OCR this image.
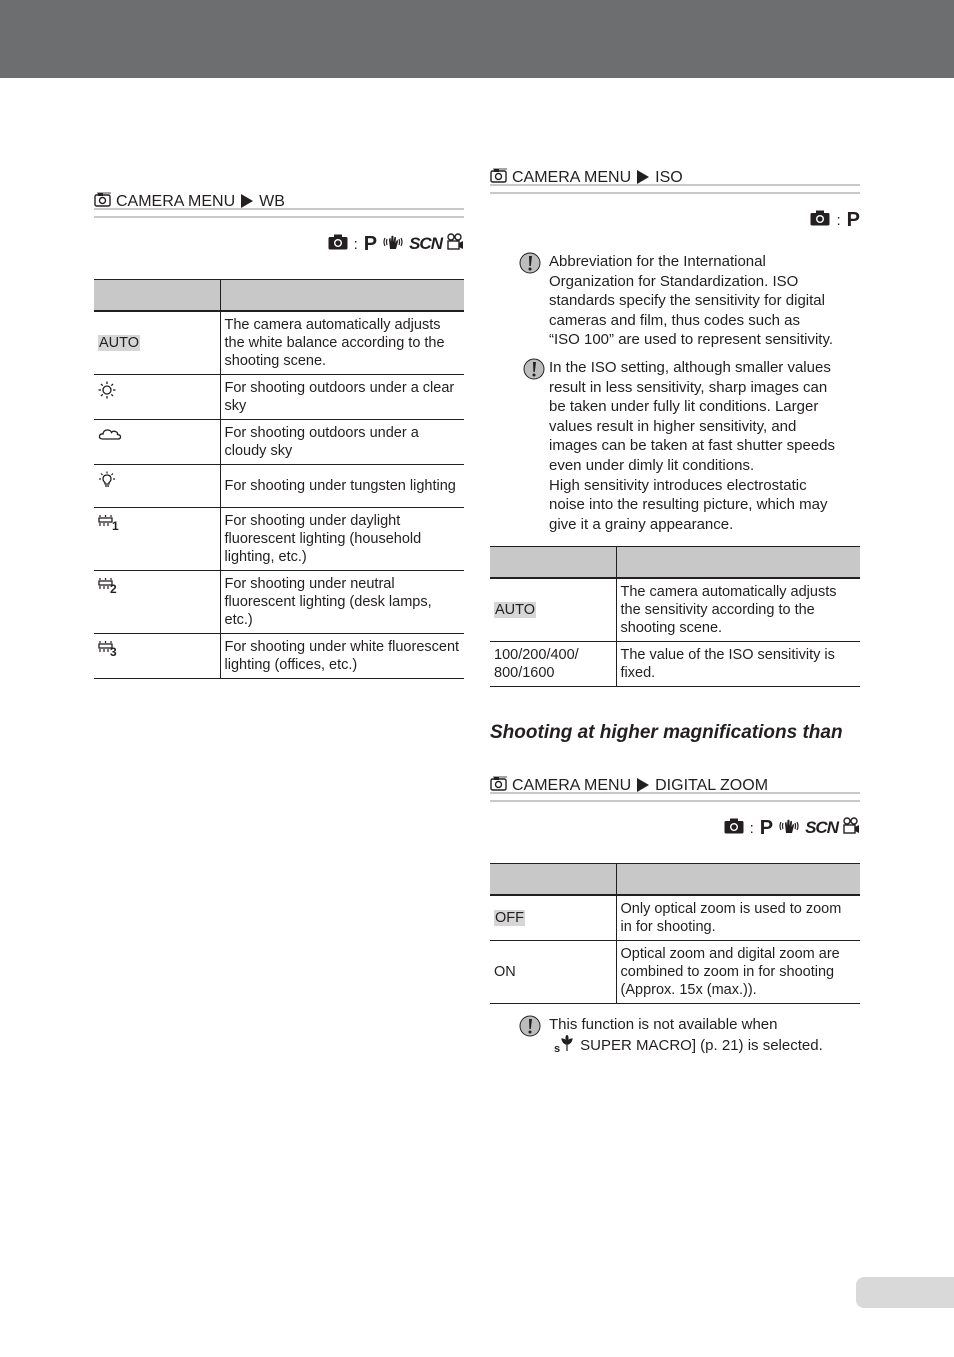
CAMERA MENU WB
: P SCN

AUTO	The camera automatically adjusts the white balance according to the shooting scene.
	For shooting outdoors under a clear sky
	For shooting outdoors under a cloudy sky
	For shooting under tungsten lighting

1	For shooting under daylight fluorescent lighting (household lighting, etc.)

2	For shooting under neutral fluorescent lighting (desk lamps, etc.)

3	For shooting under white fluorescent lighting (offices, etc.)
CAMERA MENU ISO
: P
Abbreviation for the International
Organization for Standardization. ISO
standards specify the sensitivity for digital
cameras and film, thus codes such as
“ISO 100” are used to represent sensitivity.
In the ISO setting, although smaller values
result in less sensitivity, sharp images can
be taken under fully lit conditions. Larger
values result in higher sensitivity, and
images can be taken at fast shutter speeds
even under dimly lit conditions.
High sensitivity introduces electrostatic
noise into the resulting picture, which may
give it a grainy appearance.

AUTO	The camera automatically adjusts the sensitivity according to the shooting scene.
100/200/400/ 800/1600	The value of the ISO sensitivity is fixed.
Shooting at higher magnifications than
CAMERA MENU DIGITAL ZOOM
: P SCN

OFF	Only optical zoom is used to zoom in for shooting.
ON	Optical zoom and digital zoom are combined to zoom in for shooting (Approx. 15x (max.)).
This function is not available when
s SUPER MACRO] (p. 21) is selected.
